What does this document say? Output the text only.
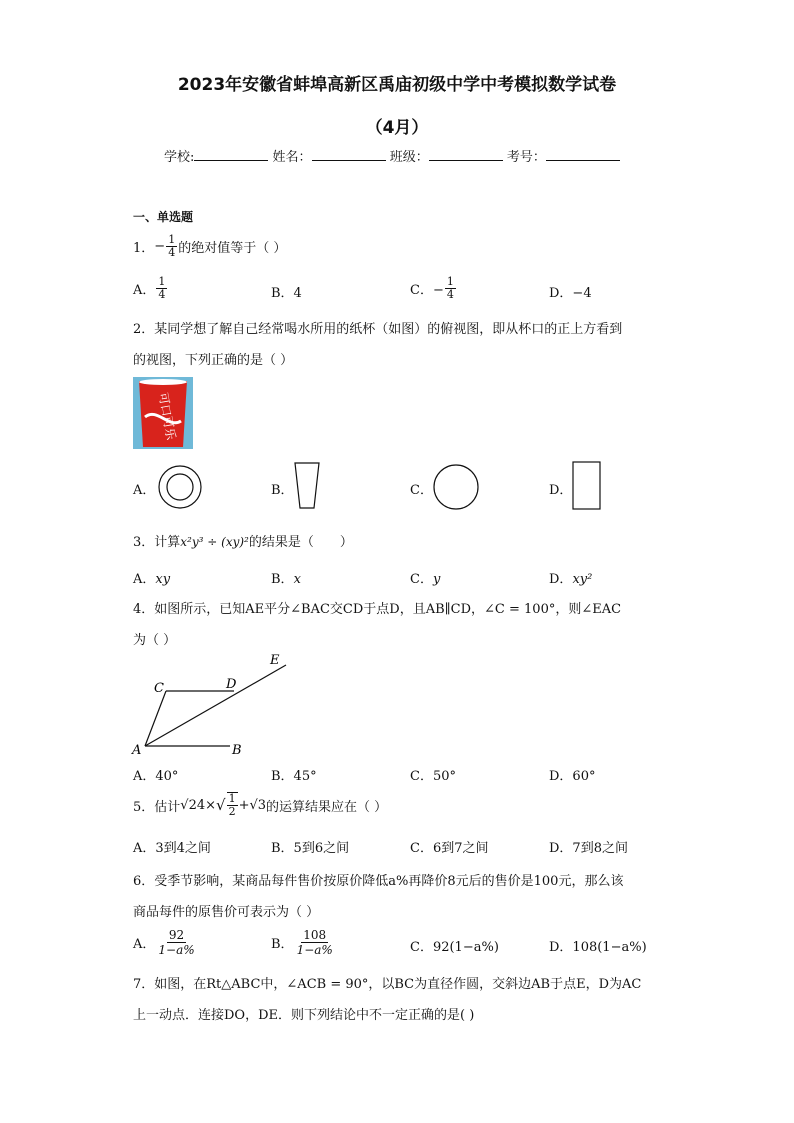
2023年安徽省蚌埠高新区禹庙初级中学中考模拟数学试卷
（4月）
学校:	姓名：	班级：	考号：
一、单选题
1． − $\frac{1}{4}$ 的绝对值等于（ ）
A． $\frac{1}{4}$	B．4	C．− $\frac{1}{4}$	D．−4
2．某同学想了解自己经常喝水所用的纸杯（如图）的俯视图，即从杯口的正上方看到
的视图，下列正确的是（ ）
可口可乐
A．	B．	C．	D．
3．计算x²y³ ÷ (xy)²的结果是（　　）
A．xy	B．x	C．y	D．xy²
4．如图所示，已知AE平分∠BAC交CD于点D，且AB∥CD，∠C = 100°，则∠EAC
为（ ）
E
C	D
A	B
A．40°	B．45°	C．50°	D．60°
5．估计 √24 × √ $\frac{1}{2} + √3$ 的运算结果应在（ ）
A．3到4之间	B．5到6之间	C．6到7之间	D．7到8之间
6．受季节影响，某商品每件售价按原价降低a%再降价8元后的售价是100元，那么该
商品每件的原售价可表示为（ ）
A． $\frac{92}{1-a\%}$	B． $\frac{108}{1-a\%}$	C．92(1−a%)	D．108(1−a%)
7．如图，在Rt△ABC中，∠ACB = 90°，以BC为直径作圆，交斜边AB于点E，D为AC
上一动点．连接DO，DE．则下列结论中不一定正确的是( )
